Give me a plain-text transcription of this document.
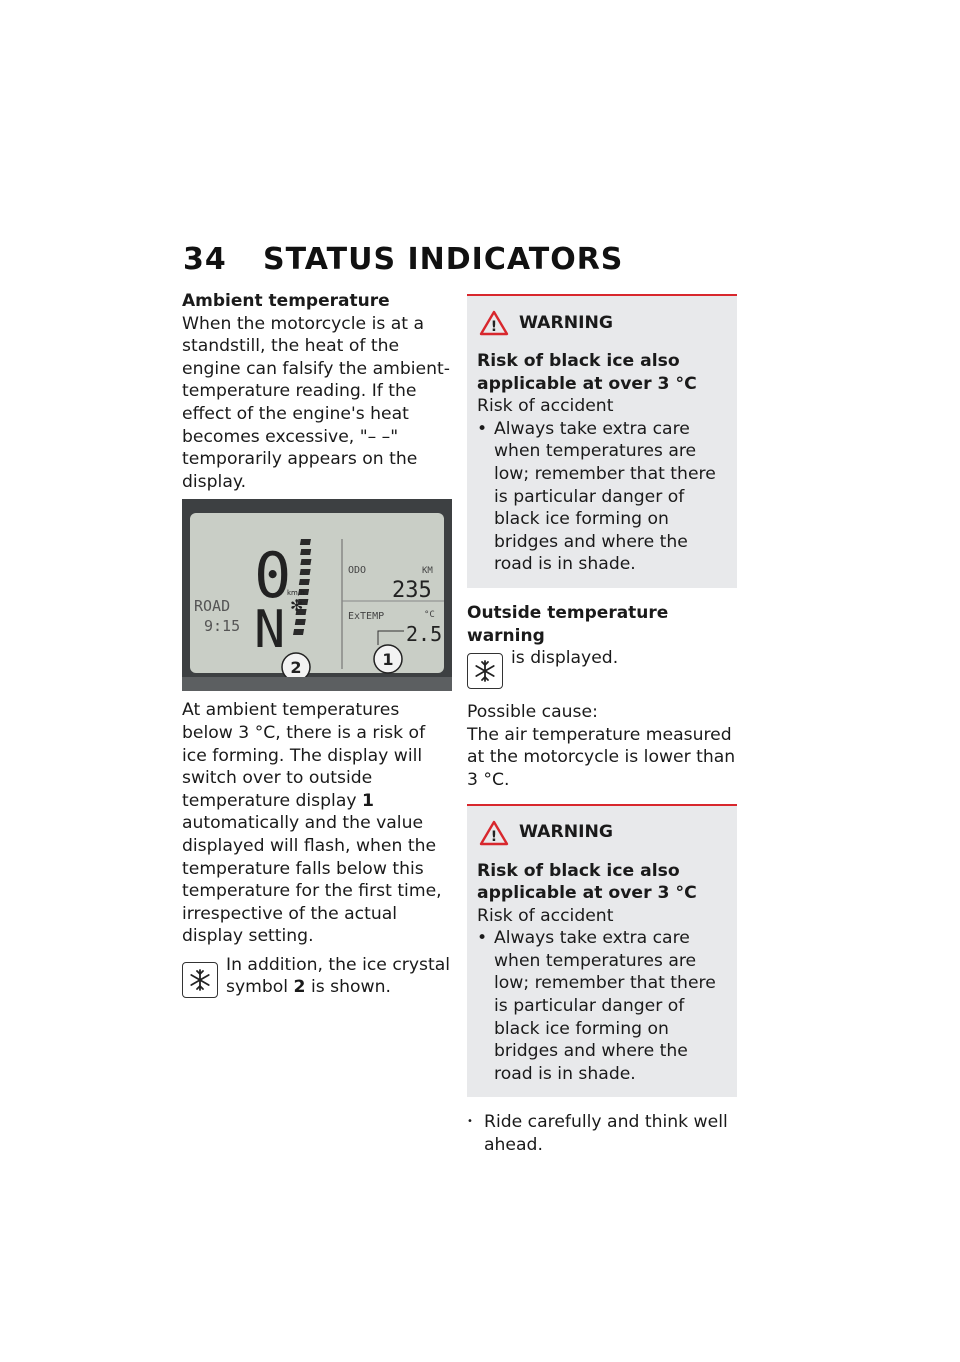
34 STATUS INDICATORS

Ambient temperature

When the motorcycle is at a standstill, the heat of the engine can falsify the ambient-temperature reading. If the effect of the engine's heat becomes excessive, "– –" temporarily appears on the display.

0
km/h
N ✻
ROAD
9:15
ODO	KM
235
ExTEMP	°C
2.5
2	1

At ambient temperatures below 3 °C, there is a risk of ice forming. The display will switch over to outside temperature display 1 automatically and the value displayed will flash, when the temperature falls below this temperature for the first time, irrespective of the actual display setting.

In addition, the ice crystal symbol 2 is shown.

! WARNING

Risk of black ice also applicable at over 3 °C

Risk of accident

• Always take extra care when temperatures are low; remember that there is particular danger of black ice forming on bridges and where the road is in shade.

Outside temperature warning

is displayed.

Possible cause:

The air temperature measured at the motorcycle is lower than 3 °C.

! WARNING

Risk of black ice also applicable at over 3 °C

Risk of accident

• Always take extra care when temperatures are low; remember that there is particular danger of black ice forming on bridges and where the road is in shade.
• Ride carefully and think well ahead.
